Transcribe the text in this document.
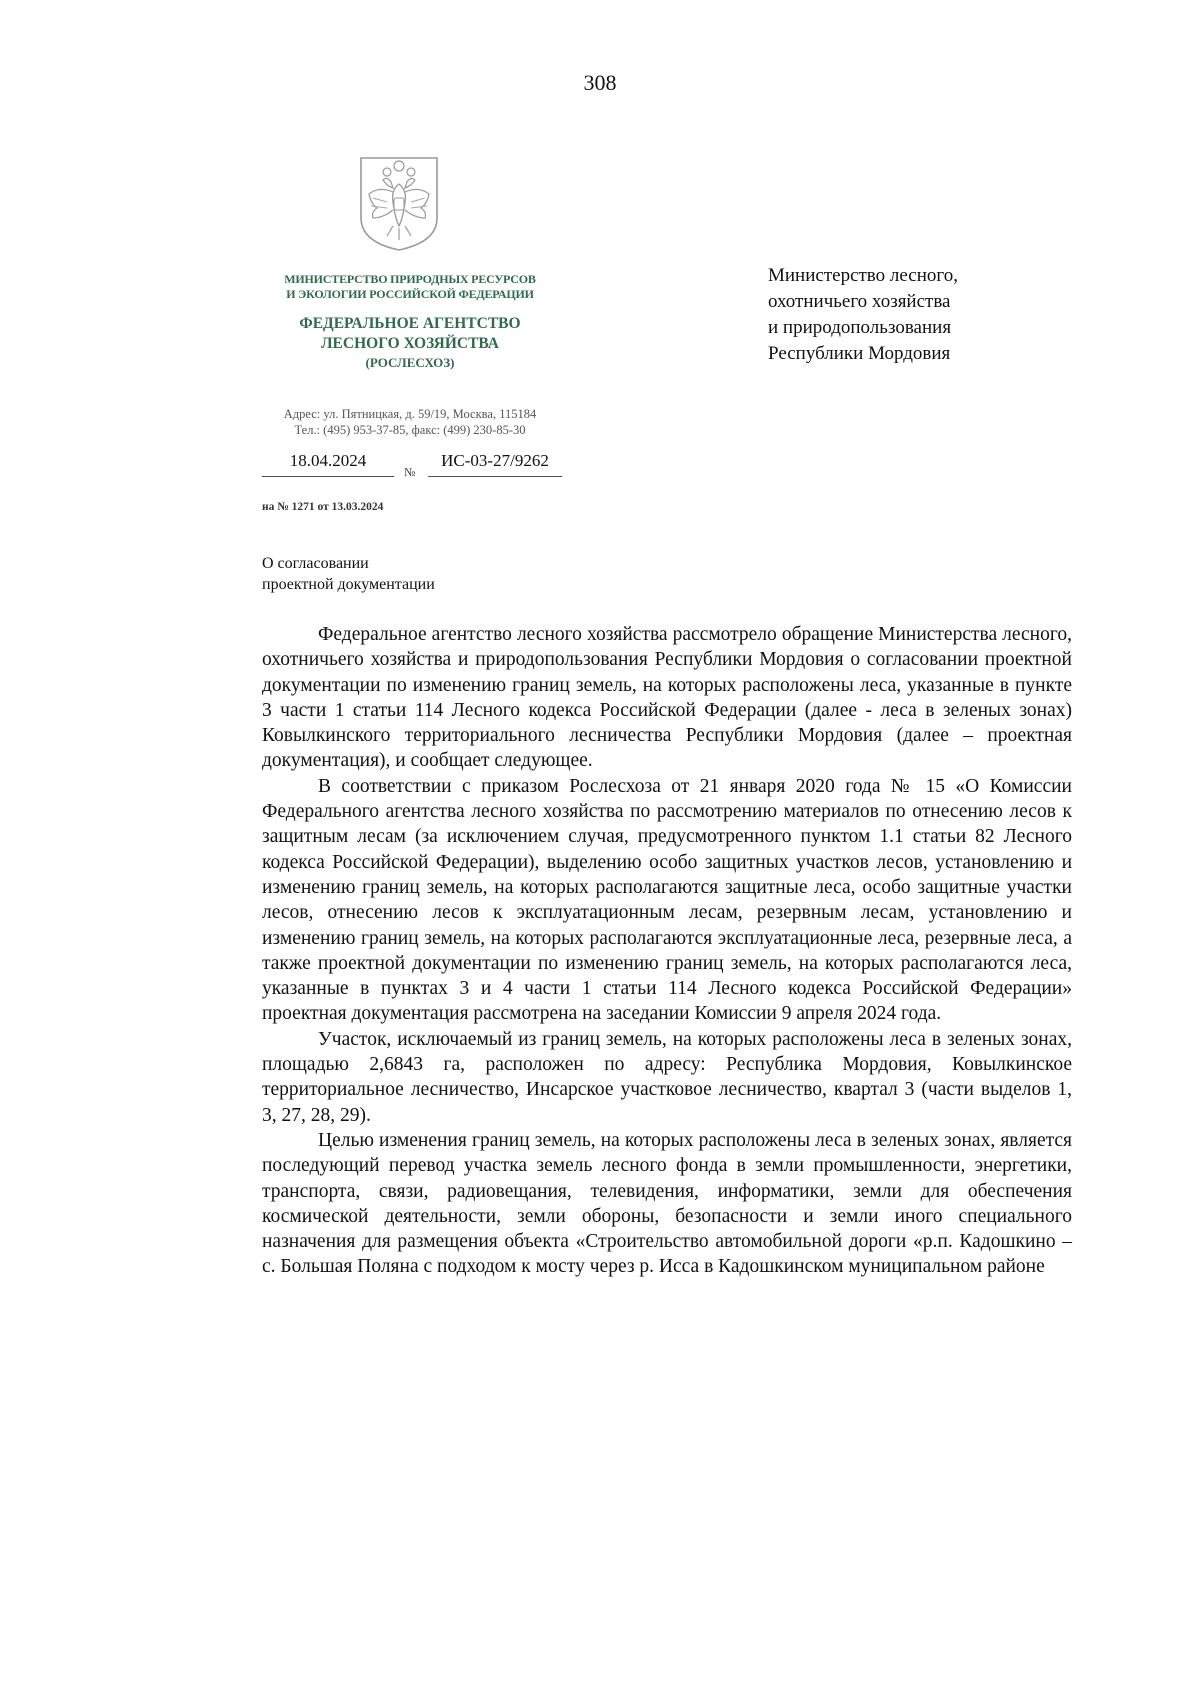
308
МИНИСТЕРСТВО ПРИРОДНЫХ РЕСУРСОВ
И ЭКОЛОГИИ РОССИЙСКОЙ ФЕДЕРАЦИИ
ФЕДЕРАЛЬНОЕ АГЕНТСТВО
ЛЕСНОГО ХОЗЯЙСТВА
(РОСЛЕСХОЗ)
Адрес: ул. Пятницкая, д. 59/19, Москва, 115184
Тел.: (495) 953-37-85, факс: (499) 230-85-30
18.04.2024
№
ИС-03-27/9262
на № 1271 от 13.03.2024
Министерство лесного,
охотничьего хозяйства
и природопользования
Республики Мордовия
О согласовании
проектной документации

Федеральное агентство лесного хозяйства рассмотрело обращение Министерства лесного, охотничьего хозяйства и природопользования Республики Мордовия о согласовании проектной документации по изменению границ земель, на которых расположены леса, указанные в пункте 3 части 1 статьи 114 Лесного кодекса Российской Федерации (далее - леса в зеленых зонах) Ковылкинского территориального лесничества Республики Мордовия (далее – проектная документация), и сообщает следующее.

В соответствии с приказом Рослесхоза от 21 января 2020 года № 15 «О Комиссии Федерального агентства лесного хозяйства по рассмотрению материалов по отнесению лесов к защитным лесам (за исключением случая, предусмотренного пунктом 1.1 статьи 82 Лесного кодекса Российской Федерации), выделению особо защитных участков лесов, установлению и изменению границ земель, на которых располагаются защитные леса, особо защитные участки лесов, отнесению лесов к эксплуатационным лесам, резервным лесам, установлению и изменению границ земель, на которых располагаются эксплуатационные леса, резервные леса, а также проектной документации по изменению границ земель, на которых располагаются леса, указанные в пунктах 3 и 4 части 1 статьи 114 Лесного кодекса Российской Федерации» проектная документация рассмотрена на заседании Комиссии 9 апреля 2024 года.

Участок, исключаемый из границ земель, на которых расположены леса в зеленых зонах, площадью 2,6843 га, расположен по адресу: Республика Мордовия, Ковылкинское территориальное лесничество, Инсарское участковое лесничество, квартал 3 (части выделов 1, 3, 27, 28, 29).

Целью изменения границ земель, на которых расположены леса в зеленых зонах, является последующий перевод участка земель лесного фонда в земли промышленности, энергетики, транспорта, связи, радиовещания, телевидения, информатики, земли для обеспечения космической деятельности, земли обороны, безопасности и земли иного специального назначения для размещения объекта «Строительство автомобильной дороги «р.п. Кадошкино – с. Большая Поляна с подходом к мосту через р. Исса в Кадошкинском муниципальном районе
